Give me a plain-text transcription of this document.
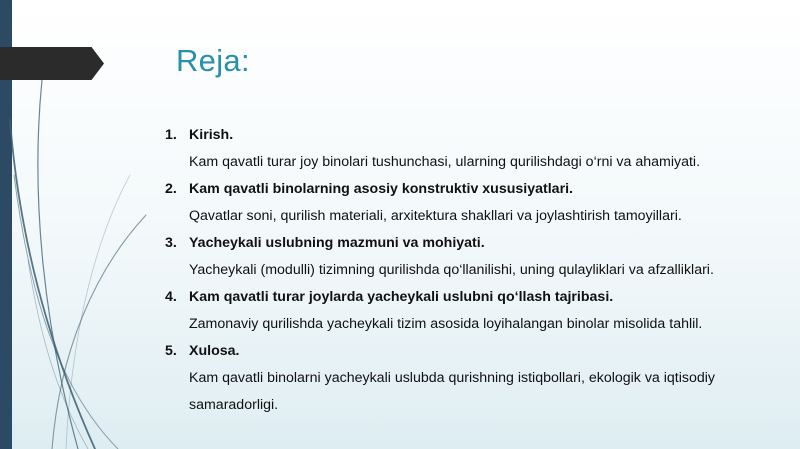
Reja:
1. Kirish.
Kam qavatli turar joy binolari tushunchasi, ularning qurilishdagi o‘rni va ahamiyati.
2. Kam qavatli binolarning asosiy konstruktiv xususiyatlari.
Qavatlar soni, qurilish materiali, arxitektura shakllari va joylashtirish tamoyillari.
3. Yacheykali uslubning mazmuni va mohiyati.
Yacheykali (modulli) tizimning qurilishda qo‘llanilishi, uning qulayliklari va afzalliklari.
4. Kam qavatli turar joylarda yacheykali uslubni qo‘llash tajribasi.
Zamonaviy qurilishda yacheykali tizim asosida loyihalangan binolar misolida tahlil.
5. Xulosa.
Kam qavatli binolarni yacheykali uslubda qurishning istiqbollari, ekologik va iqtisodiy samaradorligi.
